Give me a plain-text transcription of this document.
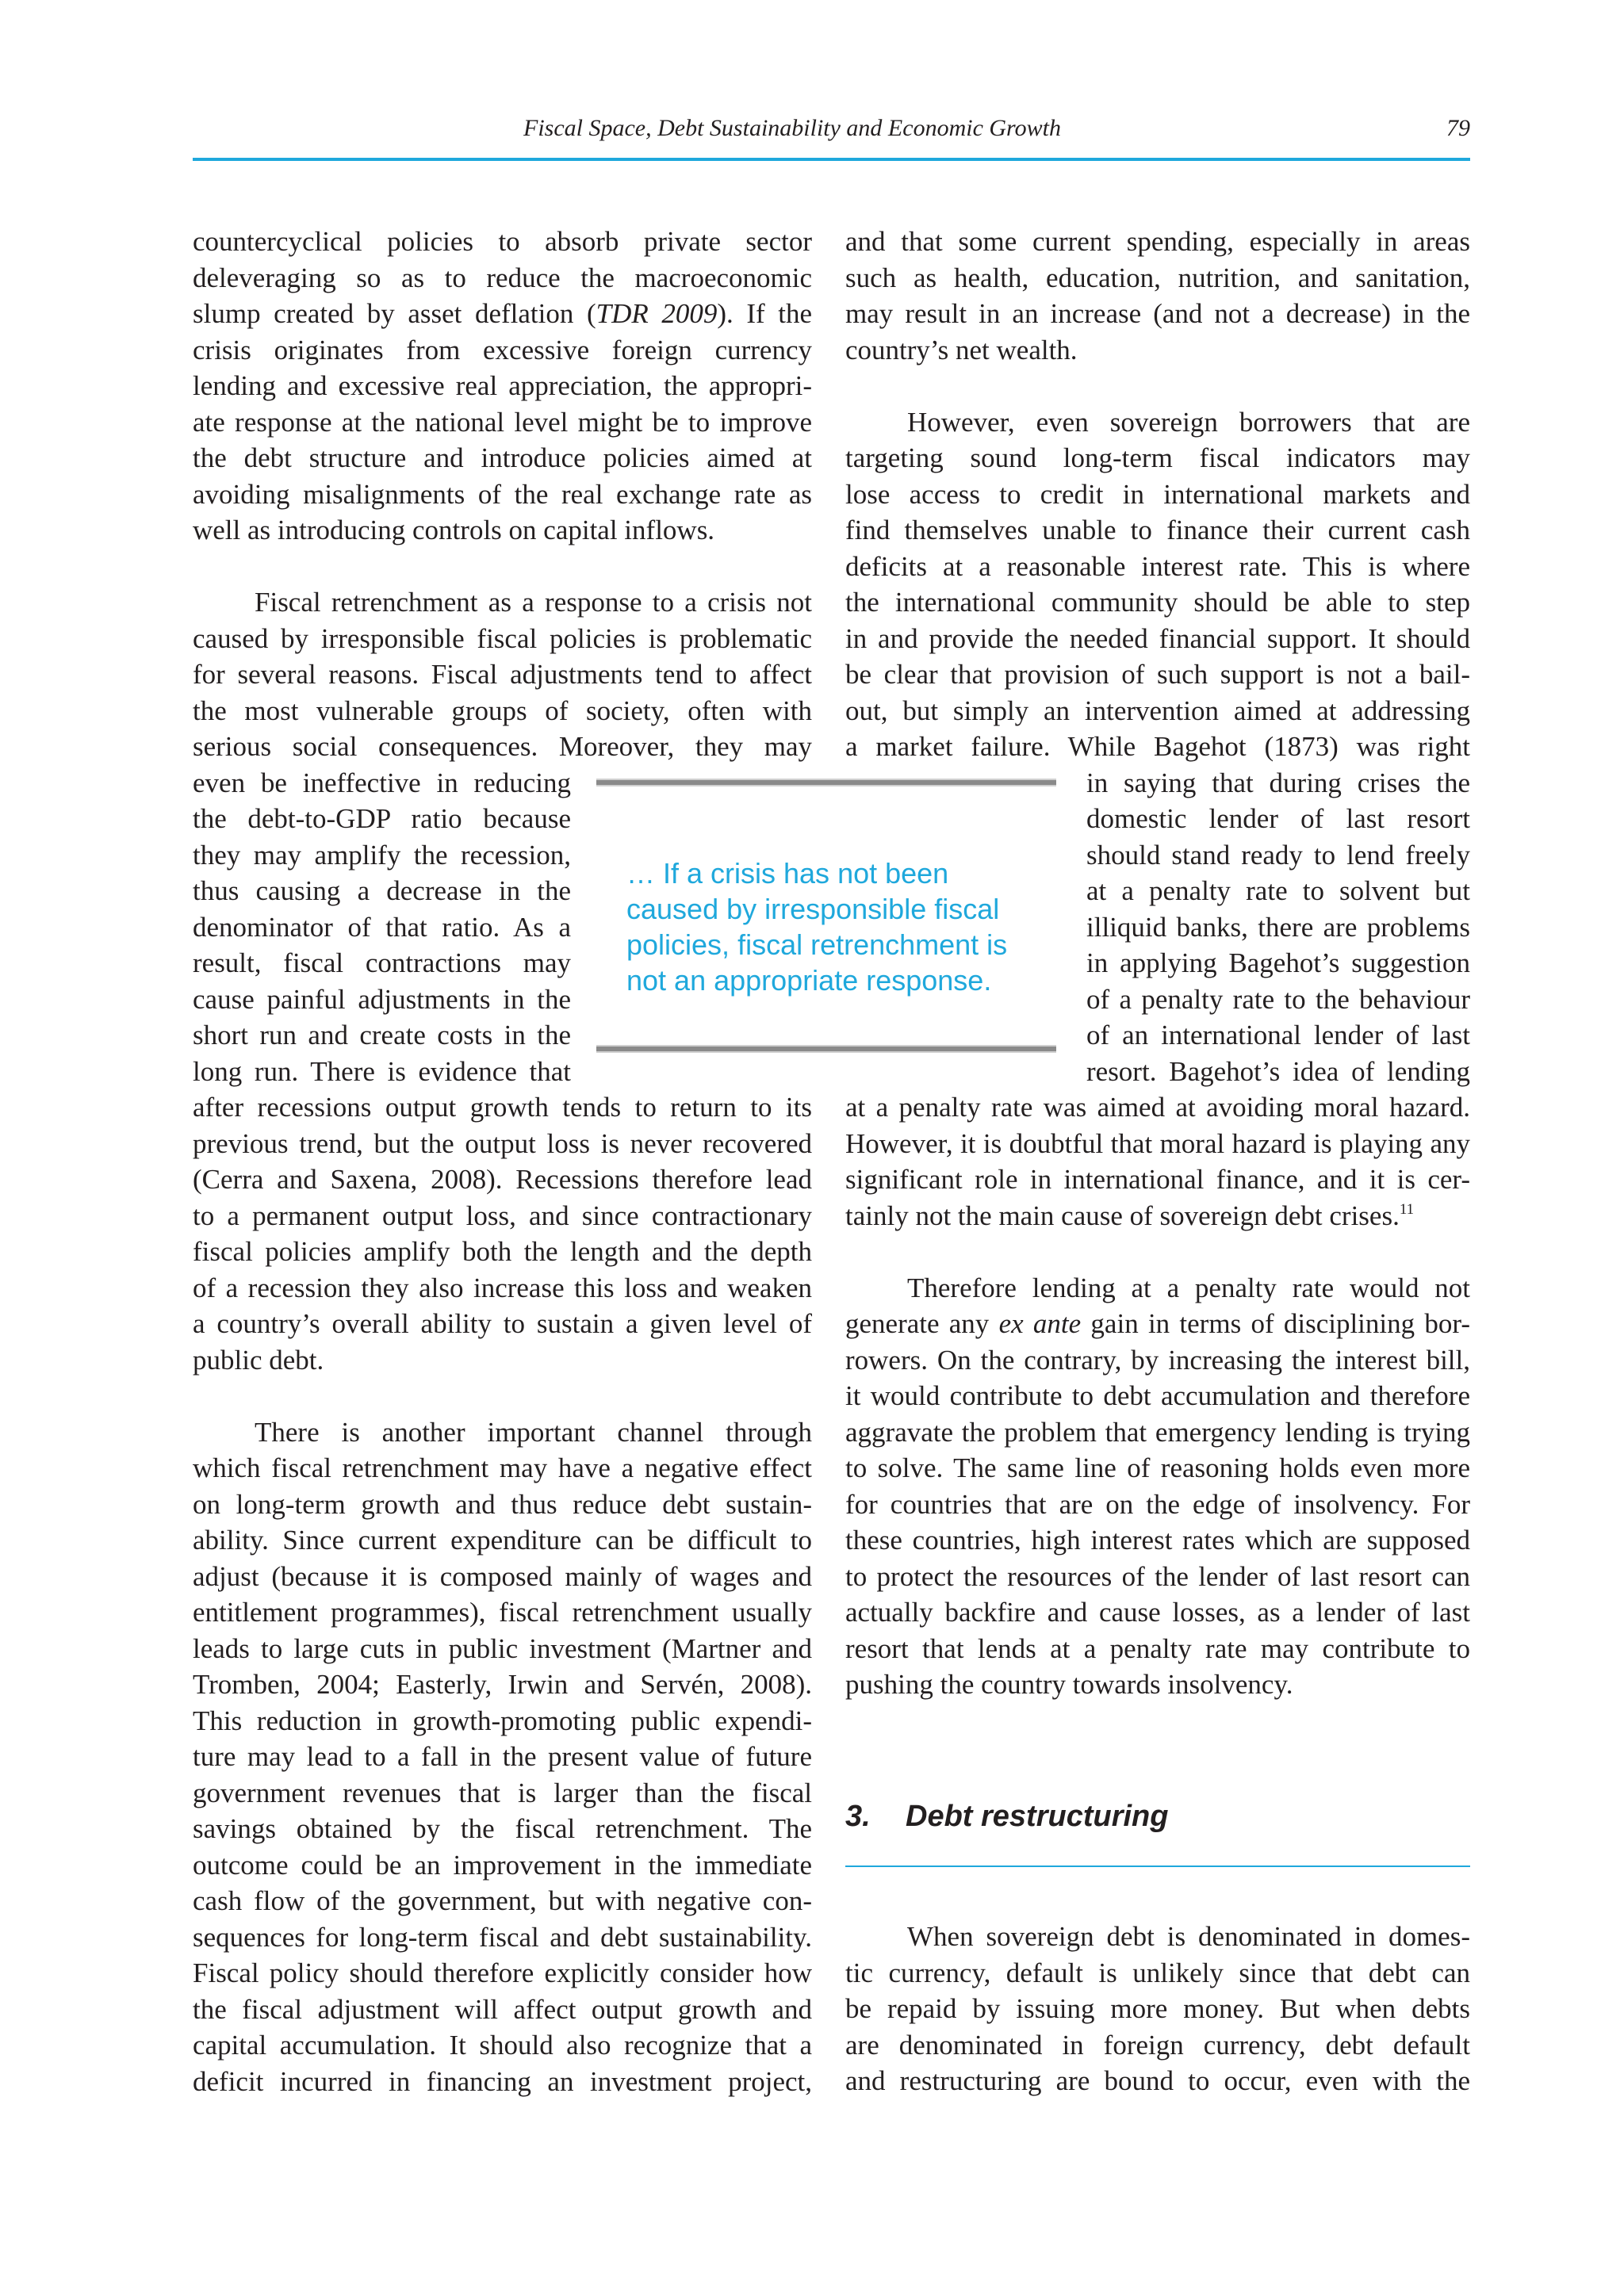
Fiscal Space, Debt Sustainability and Economic Growth	79
countercyclical policies to absorb private sector
deleveraging so as to reduce the macroeconomic
slump created by asset deflation (TDR 2009). If the
crisis originates from excessive foreign currency
lending and excessive real appreciation, the appropri-
ate response at the national level might be to improve
the debt structure and introduce policies aimed at
avoiding misalignments of the real exchange rate as
well as introducing controls on capital inflows.
Fiscal retrenchment as a response to a crisis not
caused by irresponsible fiscal policies is problematic
for several reasons. Fiscal adjustments tend to affect
the most vulnerable groups of society, often with
serious social consequences. Moreover, they may
even be ineffective in reducing
the debt-to-GDP ratio because
they may amplify the recession,
thus causing a decrease in the
denominator of that ratio. As a
result, fiscal contractions may
cause painful adjustments in the
short run and create costs in the
long run. There is evidence that
after recessions output growth tends to return to its
previous trend, but the output loss is never recovered
(Cerra and Saxena, 2008). Recessions therefore lead
to a permanent output loss, and since contractionary
fiscal policies amplify both the length and the depth
of a recession they also increase this loss and weaken
a country’s overall ability to sustain a given level of
public debt.
There is another important channel through
which fiscal retrenchment may have a negative effect
on long-term growth and thus reduce debt sustain-
ability. Since current expenditure can be difficult to
adjust (because it is composed mainly of wages and
entitlement programmes), fiscal retrenchment usually
leads to large cuts in public investment (Martner and
Tromben, 2004; Easterly, Irwin and Servén, 2008).
This reduction in growth-promoting public expendi-
ture may lead to a fall in the present value of future
government revenues that is larger than the fiscal
savings obtained by the fiscal retrenchment. The
outcome could be an improvement in the immediate
cash flow of the government, but with negative con-
sequences for long-term fiscal and debt sustainability.
Fiscal policy should therefore explicitly consider how
the fiscal adjustment will affect output growth and
capital accumulation. It should also recognize that a
deficit incurred in financing an investment project,
… If a crisis has not been
caused by irresponsible fiscal
policies, fiscal retrenchment is
not an appropriate response.
and that some current spending, especially in areas
such as health, education, nutrition, and sanitation,
may result in an increase (and not a decrease) in the
country’s net wealth.
However, even sovereign borrowers that are
targeting sound long-term fiscal indicators may
lose access to credit in international markets and
find themselves unable to finance their current cash
deficits at a reasonable interest rate. This is where
the international community should be able to step
in and provide the needed financial support. It should
be clear that provision of such support is not a bail-
out, but simply an intervention aimed at addressing
a market failure. While Bagehot (1873) was right
in saying that during crises the
domestic lender of last resort
should stand ready to lend freely
at a penalty rate to solvent but
illiquid banks, there are problems
in applying Bagehot’s suggestion
of a penalty rate to the behaviour
of an international lender of last
resort. Bagehot’s idea of lending
at a penalty rate was aimed at avoiding moral hazard.
However, it is doubtful that moral hazard is playing any
significant role in international finance, and it is cer-
tainly not the main cause of sovereign debt crises.$^{11}$
Therefore lending at a penalty rate would not
generate any ex ante gain in terms of disciplining bor-
rowers. On the contrary, by increasing the interest bill,
it would contribute to debt accumulation and therefore
aggravate the problem that emergency lending is trying
to solve. The same line of reasoning holds even more
for countries that are on the edge of insolvency. For
these countries, high interest rates which are supposed
to protect the resources of the lender of last resort can
actually backfire and cause losses, as a lender of last
resort that lends at a penalty rate may contribute to
pushing the country towards insolvency.
3. Debt restructuring
When sovereign debt is denominated in domes-
tic currency, default is unlikely since that debt can
be repaid by issuing more money. But when debts
are denominated in foreign currency, debt default
and restructuring are bound to occur, even with the
